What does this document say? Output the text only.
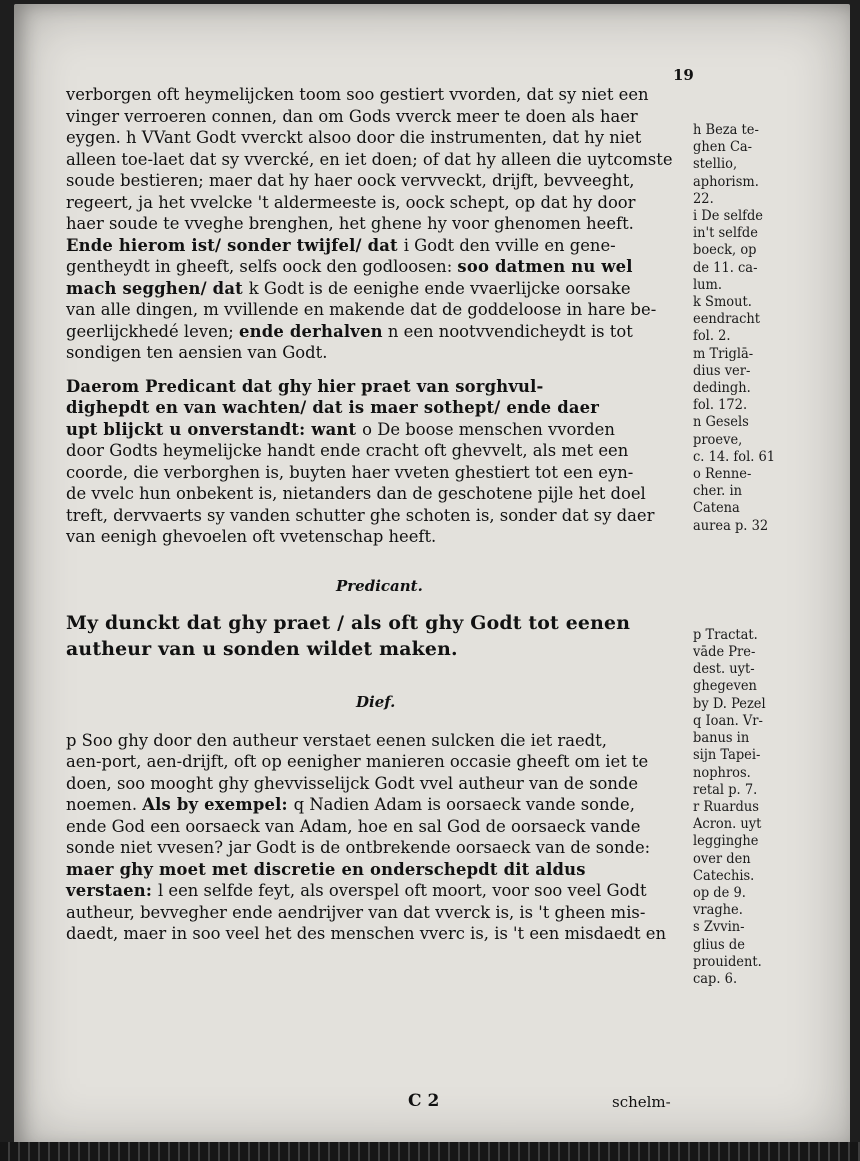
19
verborgen oft heymelijcken toom soo gestiert vvorden, dat sy niet een
vinger verroeren connen, dan om Gods vverck meer te doen als haer
eygen. h VVant Godt vverckt alsoo door die instrumenten, dat hy niet
alleen toe-laet dat sy vvercké, en iet doen; of dat hy alleen die uytcomste
soude bestieren; maer dat hy haer oock vervveckt, drijft, bevveeght,
regeert, ja het vvelcke 't aldermeeste is, oock schept, op dat hy door
haer soude te vveghe brenghen, het ghene hy voor ghenomen heeft.
Ende hierom ist/ sonder twijfel/ dat i Godt den vville en gene-
gentheydt in gheeft, selfs oock den godloosen: soo datmen nu wel
mach segghen/ dat k Godt is de eenighe ende vvaerlijcke oorsake
van alle dingen, m vvillende en makende dat de goddeloose in hare be-
geerlijckhedé leven; ende derhalven n een nootvvendicheydt is tot
sondigen ten aensien van Godt.
Daerom Predicant dat ghy hier praet van sorghvul-
dighepdt en van wachten/ dat is maer sothept/ ende daer
upt blijckt u onverstandt: want o De boose menschen vvorden
door Godts heymelijcke handt ende cracht oft ghevvelt, als met een
coorde, die verborghen is, buyten haer vveten ghestiert tot een eyn-
de vvelc hun onbekent is, nietanders dan de geschotene pijle het doel
treft, dervvaerts sy vanden schutter ghe schoten is, sonder dat sy daer
van eenigh ghevoelen oft vvetenschap heeft.
Predicant.
My dunckt dat ghy praet / als oft ghy Godt tot eenen
autheur van u sonden wildet maken.
Dief.
p Soo ghy door den autheur verstaet eenen sulcken die iet raedt,
aen-port, aen-drijft, oft op eenigher manieren occasie gheeft om iet te
doen, soo mooght ghy ghevvisselijck Godt vvel autheur van de sonde
noemen. Als by exempel: q Nadien Adam is oorsaeck vande sonde,
ende God een oorsaeck van Adam, hoe en sal God de oorsaeck vande
sonde niet vvesen? jar Godt is de ontbrekende oorsaeck van de sonde:
maer ghy moet met discretie en onderschepdt dit aldus
verstaen: l een selfde feyt, als overspel oft moort, voor soo veel Godt
autheur, bevvegher ende aendrijver van dat vverck is, is 't gheen mis-
daedt, maer in soo veel het des menschen vverc is, is 't een misdaedt en
h Beza te-
ghen Ca-
stellio,
aphorism.
22.
i De selfde
in't selfde
boeck, op
de 11. ca-
lum.
k Smout.
eendracht
fol. 2.
m Triglā-
dius ver-
dedingh.
fol. 172.
n Gesels
proeve,
c. 14. fol. 61
o Renne-
cher. in
Catena
aurea p. 32
p Tractat.
vāde Pre-
dest. uyt-
ghegeven
by D. Pezel
q Ioan. Vr-
banus in
sijn Tapei-
nophros.
retal p. 7.
r Ruardus
Acron. uyt
legginghe
over den
Catechis.
op de 9.
vraghe.
s Zvvin-
glius de
prouident.
cap. 6.
C 2	schelm-
